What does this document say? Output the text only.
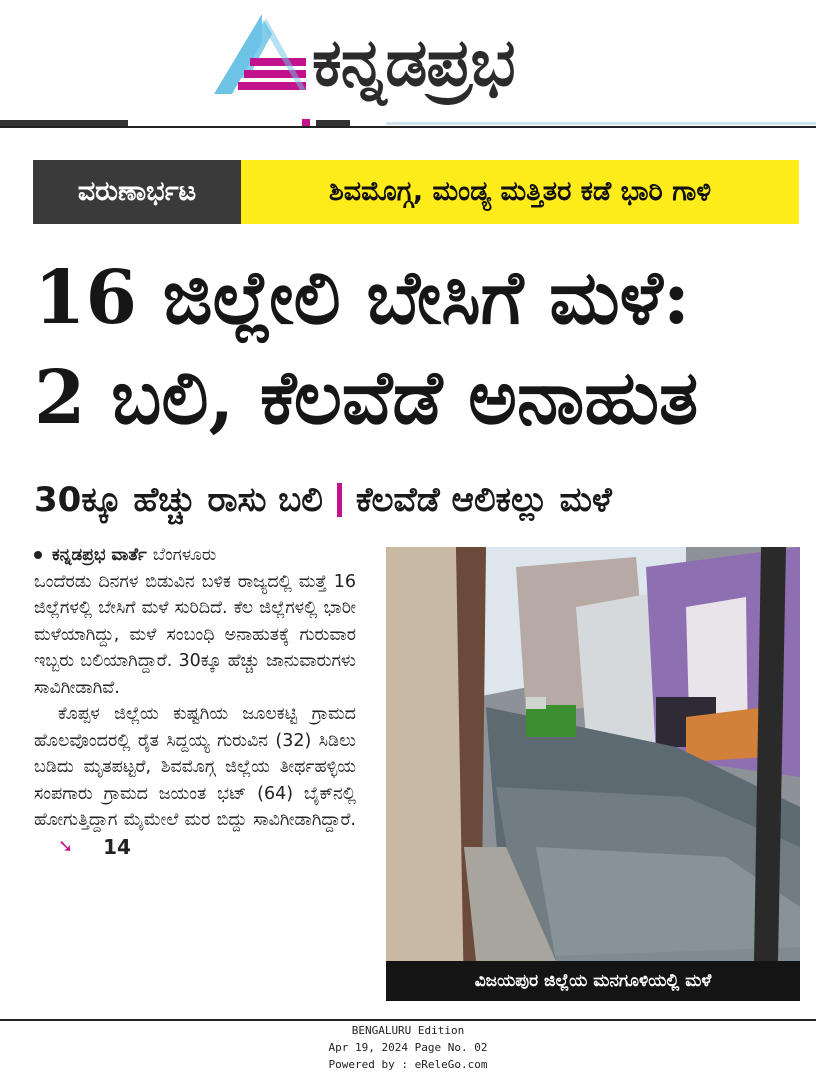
ಕನ್ನಡಪ್ರಭ
ವರುಣಾರ್ಭಟ	ಶಿವಮೊಗ್ಗ, ಮಂಡ್ಯ ಮತ್ತಿತರ ಕಡೆ ಭಾರಿ ಗಾಳಿ
16 ಜಿಲ್ಲೇಲಿ ಬೇಸಿಗೆ ಮಳೆ:
2 ಬಲಿ, ಕೆಲವೆಡೆ ಅನಾಹುತ
30ಕ್ಕೂ ಹೆಚ್ಚು ರಾಸು ಬಲಿ ಕೆಲವೆಡೆ ಆಲಿಕಲ್ಲು ಮಳೆ
ಕನ್ನಡಪ್ರಭ ವಾರ್ತೆ ಬೆಂಗಳೂರು

ಒಂದೆರಡು ದಿನಗಳ ಬಿಡುವಿನ ಬಳಿಕ ರಾಜ್ಯದಲ್ಲಿ ಮತ್ತೆ 16 ಜಿಲ್ಲೆಗಳಲ್ಲಿ ಬೇಸಿಗೆ ಮಳೆ ಸುರಿದಿದೆ. ಕೆಲ ಜಿಲ್ಲೆಗಳಲ್ಲಿ ಭಾರೀ ಮಳೆಯಾಗಿದ್ದು, ಮಳೆ ಸಂಬಂಧಿ ಅನಾಹುತಕ್ಕೆ ಗುರುವಾರ ಇಬ್ಬರು ಬಲಿಯಾಗಿದ್ದಾರೆ. 30ಕ್ಕೂ ಹೆಚ್ಚು ಜಾನುವಾರುಗಳು ಸಾವಿಗೀಡಾಗಿವೆ.

ಕೊಪ್ಪಳ ಜಿಲ್ಲೆಯ ಕುಷ್ಟಗಿಯ ಜೂಲಕಟ್ಟಿ ಗ್ರಾಮದ ಹೊಲವೊಂದರಲ್ಲಿ ರೈತ ಸಿದ್ದಯ್ಯ ಗುರುವಿನ (32) ಸಿಡಿಲು ಬಡಿದು ಮೃತಪಟ್ಟರೆ, ಶಿವಮೊಗ್ಗ ಜಿಲ್ಲೆಯ ತೀರ್ಥಹಳ್ಳಿಯ ಸಂಪಗಾರು ಗ್ರಾಮದ ಜಯಂತ ಭಟ್ (64) ಬೈಕ್‌ನಲ್ಲಿ ಹೋಗುತ್ತಿದ್ದಾಗ ಮೈಮೇಲೆ ಮರ ಬಿದ್ದು ಸಾವಿಗೀಡಾಗಿದ್ದಾರೆ.
➘	14

ವಿಜಯಪುರ ಜಿಲ್ಲೆಯ ಮನಗೂಳಿಯಲ್ಲಿ ಮಳೆ
BENGALURU Edition
Apr 19, 2024 Page No. 02
Powered by : eReleGo.com
